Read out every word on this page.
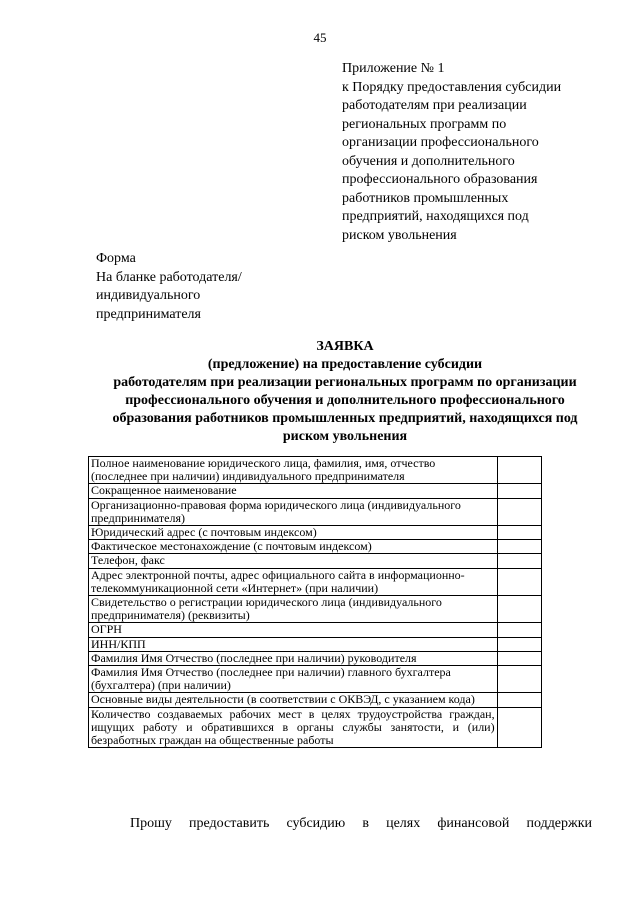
45
Приложение № 1
к Порядку предоставления субсидии
работодателям при реализации
региональных программ по
организации профессионального
обучения и дополнительного
профессионального образования
работников промышленных
предприятий, находящихся под
риском увольнения
Форма
На бланке работодателя/
индивидуального
предпринимателя
ЗАЯВКА
(предложение) на предоставление субсидии
работодателям при реализации региональных программ по организации
профессионального обучения и дополнительного профессионального
образования работников промышленных предприятий, находящихся под
риском увольнения
Полное наименование юридического лица, фамилия, имя, отчество (последнее при наличии) индивидуального предпринимателя	
Сокращенное наименование	
Организационно-правовая форма юридического лица (индивидуального предпринимателя)	
Юридический адрес (с почтовым индексом)	
Фактическое местонахождение (с почтовым индексом)	
Телефон, факс	
Адрес электронной почты, адрес официального сайта в информационно-телекоммуникационной сети «Интернет» (при наличии)	
Свидетельство о регистрации юридического лица (индивидуального предпринимателя) (реквизиты)	
ОГРН	
ИНН/КПП	
Фамилия Имя Отчество (последнее при наличии) руководителя	
Фамилия Имя Отчество (последнее при наличии) главного бухгалтера (бухгалтера) (при наличии)	
Основные виды деятельности (в соответствии с ОКВЭД, с указанием кода)	
Количество создаваемых рабочих мест в целях трудоустройства граждан, ищущих работу и обратившихся в органы службы занятости, и (или) безработных граждан на общественные работы	
Прошу предоставить субсидию в целях финансовой поддержки
